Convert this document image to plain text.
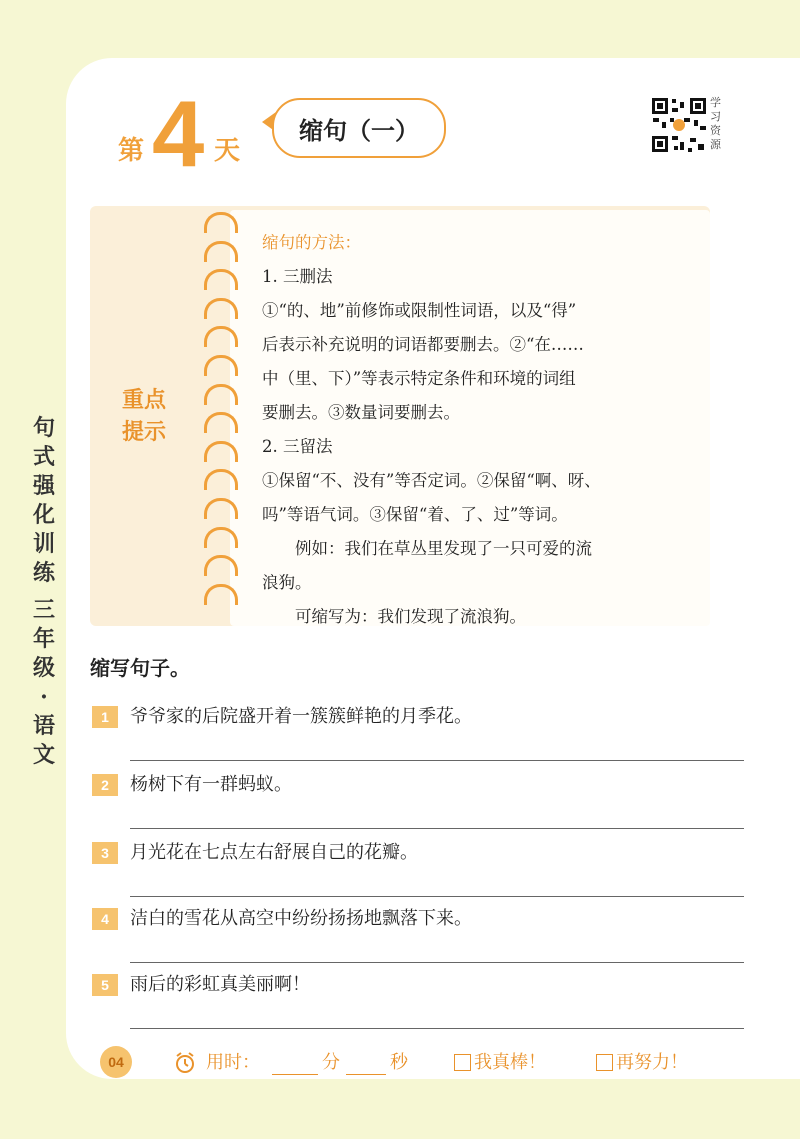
句
式
强
化
训
练
三
年
级
·
语
文
第 4 天
缩句（一）
学习资源
重点
提示

缩句的方法：

1. 三删法

①“的、地”前修饰或限制性词语，以及“得”

后表示补充说明的词语都要删去。②“在……

中（里、下）”等表示特定条件和环境的词组

要删去。③数量词要删去。

2. 三留法

①保留“不、没有”等否定词。②保留“啊、呀、

吗”等语气词。③保留“着、了、过”等词。

　　例如：我们在草丛里发现了一只可爱的流

浪狗。

　　可缩写为：我们发现了流浪狗。

缩写句子。
1	爷爷家的后院盛开着一簇簇鲜艳的月季花。
2	杨树下有一群蚂蚁。
3	月光花在七点左右舒展自己的花瓣。
4	洁白的雪花从高空中纷纷扬扬地飘落下来。
5	雨后的彩虹真美丽啊！
04	用时：	分	秒	我真棒！	再努力！
